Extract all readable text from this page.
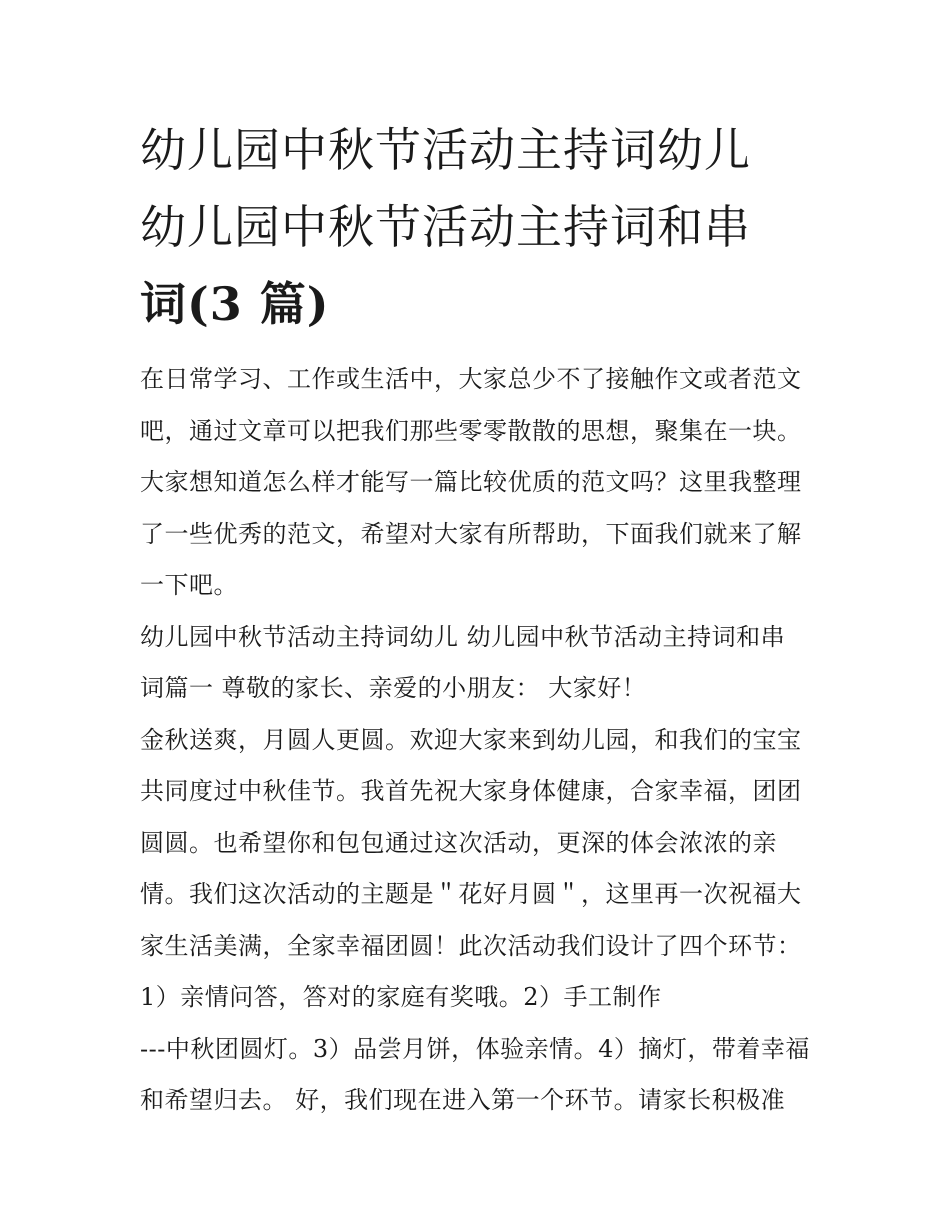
幼儿园中秋节活动主持词幼儿
幼儿园中秋节活动主持词和串
词(3 篇)
在日常学习、工作或生活中，大家总少不了接触作文或者范文
吧，通过文章可以把我们那些零零散散的思想，聚集在一块。
大家想知道怎么样才能写一篇比较优质的范文吗？这里我整理
了一些优秀的范文，希望对大家有所帮助，下面我们就来了解
一下吧。
幼儿园中秋节活动主持词幼儿 幼儿园中秋节活动主持词和串
词篇一 尊敬的家长、亲爱的小朋友： 大家好！
金秋送爽，月圆人更圆。欢迎大家来到幼儿园，和我们的宝宝
共同度过中秋佳节。我首先祝大家身体健康，合家幸福，团团
圆圆。也希望你和包包通过这次活动，更深的体会浓浓的亲
情。我们这次活动的主题是＂花好月圆＂，这里再一次祝福大
家生活美满，全家幸福团圆！此次活动我们设计了四个环节：
1）亲情问答，答对的家庭有奖哦。2）手工制作
---中秋团圆灯。3）品尝月饼，体验亲情。4）摘灯，带着幸福
和希望归去。 好，我们现在进入第一个环节。请家长积极准
